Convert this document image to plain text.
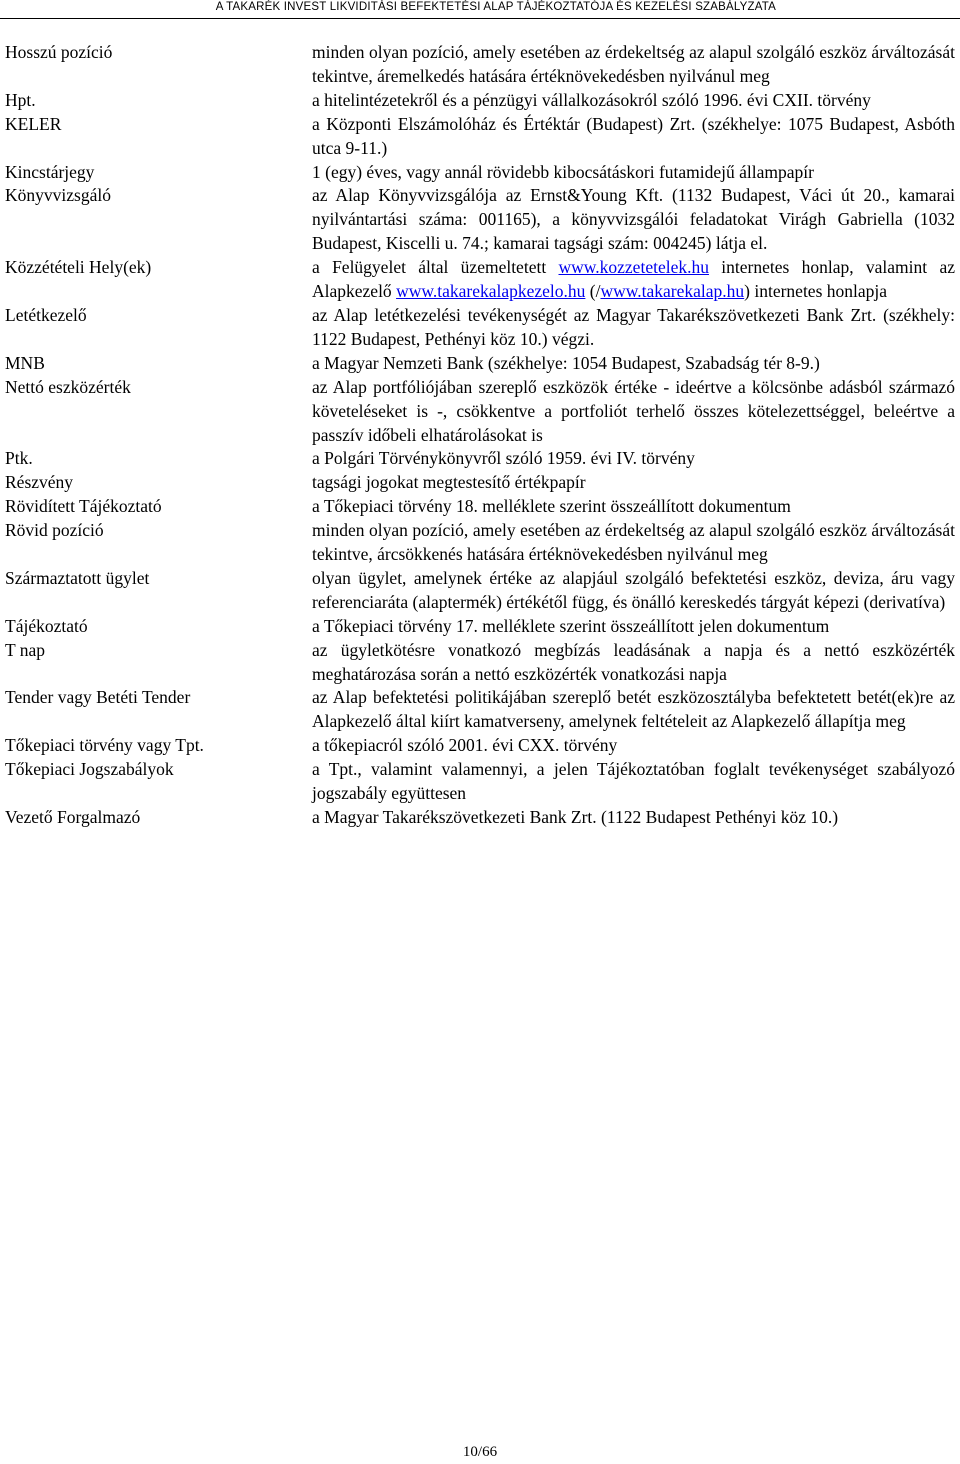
A TAKARÉK INVEST LIKVIDITÁSI BEFEKTETÉSI ALAP TÁJÉKOZTATÓJA ÉS KEZELÉSI SZABÁLYZATA
Hosszú pozíció	minden olyan pozíció, amely esetében az érdekeltség az alapul szolgáló eszköz árváltozását tekintve, áremelkedés hatására értéknövekedésben nyilvánul meg
Hpt.	a hitelintézetekről és a pénzügyi vállalkozásokról szóló 1996. évi CXII. törvény
KELER	a Központi Elszámolóház és Értéktár (Budapest) Zrt. (székhelye: 1075 Budapest, Asbóth utca 9-11.)
Kincstárjegy	1 (egy) éves, vagy annál rövidebb kibocsátáskori futamidejű állampapír
Könyvvizsgáló	az Alap Könyvvizsgálója az Ernst&Young Kft. (1132 Budapest, Váci út 20., kamarai nyilvántartási száma: 001165), a könyvvizsgálói feladatokat Virágh Gabriella (1032 Budapest, Kiscelli u. 74.; kamarai tagsági szám: 004245) látja el.
Közzétételi Hely(ek)	a Felügyelet által üzemeltetett www.kozzetetelek.hu internetes honlap, valamint az Alapkezelő www.takarekalapkezelo.hu (/www.takarekalap.hu) internetes honlapja
Letétkezelő	az Alap letétkezelési tevékenységét az Magyar Takarékszövetkezeti Bank Zrt. (székhely: 1122 Budapest, Pethényi köz 10.) végzi.
MNB	a Magyar Nemzeti Bank (székhelye: 1054 Budapest, Szabadság tér 8-9.)
Nettó eszközérték	az Alap portfóliójában szereplő eszközök értéke - ideértve a kölcsönbe adásból származó követeléseket is -, csökkentve a portfoliót terhelő összes kötelezettséggel, beleértve a passzív időbeli elhatárolásokat is
Ptk.	a Polgári Törvénykönyvről szóló 1959. évi IV. törvény
Részvény	tagsági jogokat megtestesítő értékpapír
Rövidített Tájékoztató	a Tőkepiaci törvény 18. melléklete szerint összeállított dokumentum
Rövid pozíció	minden olyan pozíció, amely esetében az érdekeltség az alapul szolgáló eszköz árváltozását tekintve, árcsökkenés hatására értéknövekedésben nyilvánul meg
Származtatott ügylet	olyan ügylet, amelynek értéke az alapjául szolgáló befektetési eszköz, deviza, áru vagy referenciaráta (alaptermék) értékétől függ, és önálló kereskedés tárgyát képezi (derivatíva)
Tájékoztató	a Tőkepiaci törvény 17. melléklete szerint összeállított jelen dokumentum
T nap	az ügyletkötésre vonatkozó megbízás leadásának a napja és a nettó eszközérték meghatározása során a nettó eszközérték vonatkozási napja
Tender vagy Betéti Tender	az Alap befektetési politikájában szereplő betét eszközosztályba befektetett betét(ek)re az Alapkezelő által kiírt kamatverseny, amelynek feltételeit az Alapkezelő állapítja meg
Tőkepiaci törvény vagy Tpt.	a tőkepiacról szóló 2001. évi CXX. törvény
Tőkepiaci Jogszabályok	a Tpt., valamint valamennyi, a jelen Tájékoztatóban foglalt tevékenységet szabályozó jogszabály együttesen
Vezető Forgalmazó	a Magyar Takarékszövetkezeti Bank Zrt. (1122 Budapest Pethényi köz 10.)
10/66
